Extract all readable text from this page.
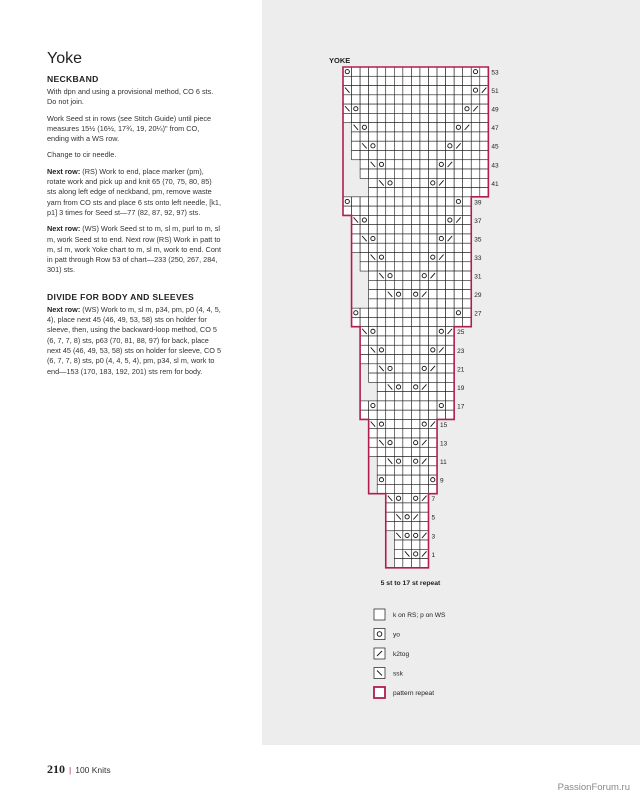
Yoke
NECKBAND

With dpn and using a provisional method, CO 6 sts. Do not join.

Work Seed st in rows (see Stitch Guide) until piece measures 15½ (16½, 17¾, 19, 20¼)" from CO, ending with a WS row.

Change to cir needle.

Next row: (RS) Work to end, place marker (pm), rotate work and pick up and knit 65 (70, 75, 80, 85) sts along left edge of neckband, pm, remove waste yarn from CO sts and place 6 sts onto left needle, [k1, p1] 3 times for Seed st—77 (82, 87, 92, 97) sts.

Next row: (WS) Work Seed st to m, sl m, purl to m, sl m, work Seed st to end. Next row (RS) Work in patt to m, sl m, work Yoke chart to m, sl m, work to end. Cont in patt through Row 53 of chart—233 (250, 267, 284, 301) sts.

DIVIDE FOR BODY AND SLEEVES

Next row: (WS) Work to m, sl m, p34, pm, p0 (4, 4, 5, 4), place next 45 (46, 49, 53, 58) sts on holder for sleeve, then, using the backward-loop method, CO 5 (6, 7, 7, 8) sts, p63 (70, 81, 88, 97) for back, place next 45 (46, 49, 53, 58) sts on holder for sleeve, CO 5 (6, 7, 7, 8) sts, p0 (4, 4, 5, 4), pm, p34, sl m, work to end—153 (170, 183, 192, 201) sts rem for body.

YOKE
53
51
49
47
45
43
41
39
37
35
33
31
29
27
25
23
21
19
17
15
13
11
9
7
5
3
1
5 st to 17 st repeat
k on RS; p on WS
yo
k2tog
ssk
pattern repeat
210 | 100 Knits
PassionForum.ru
